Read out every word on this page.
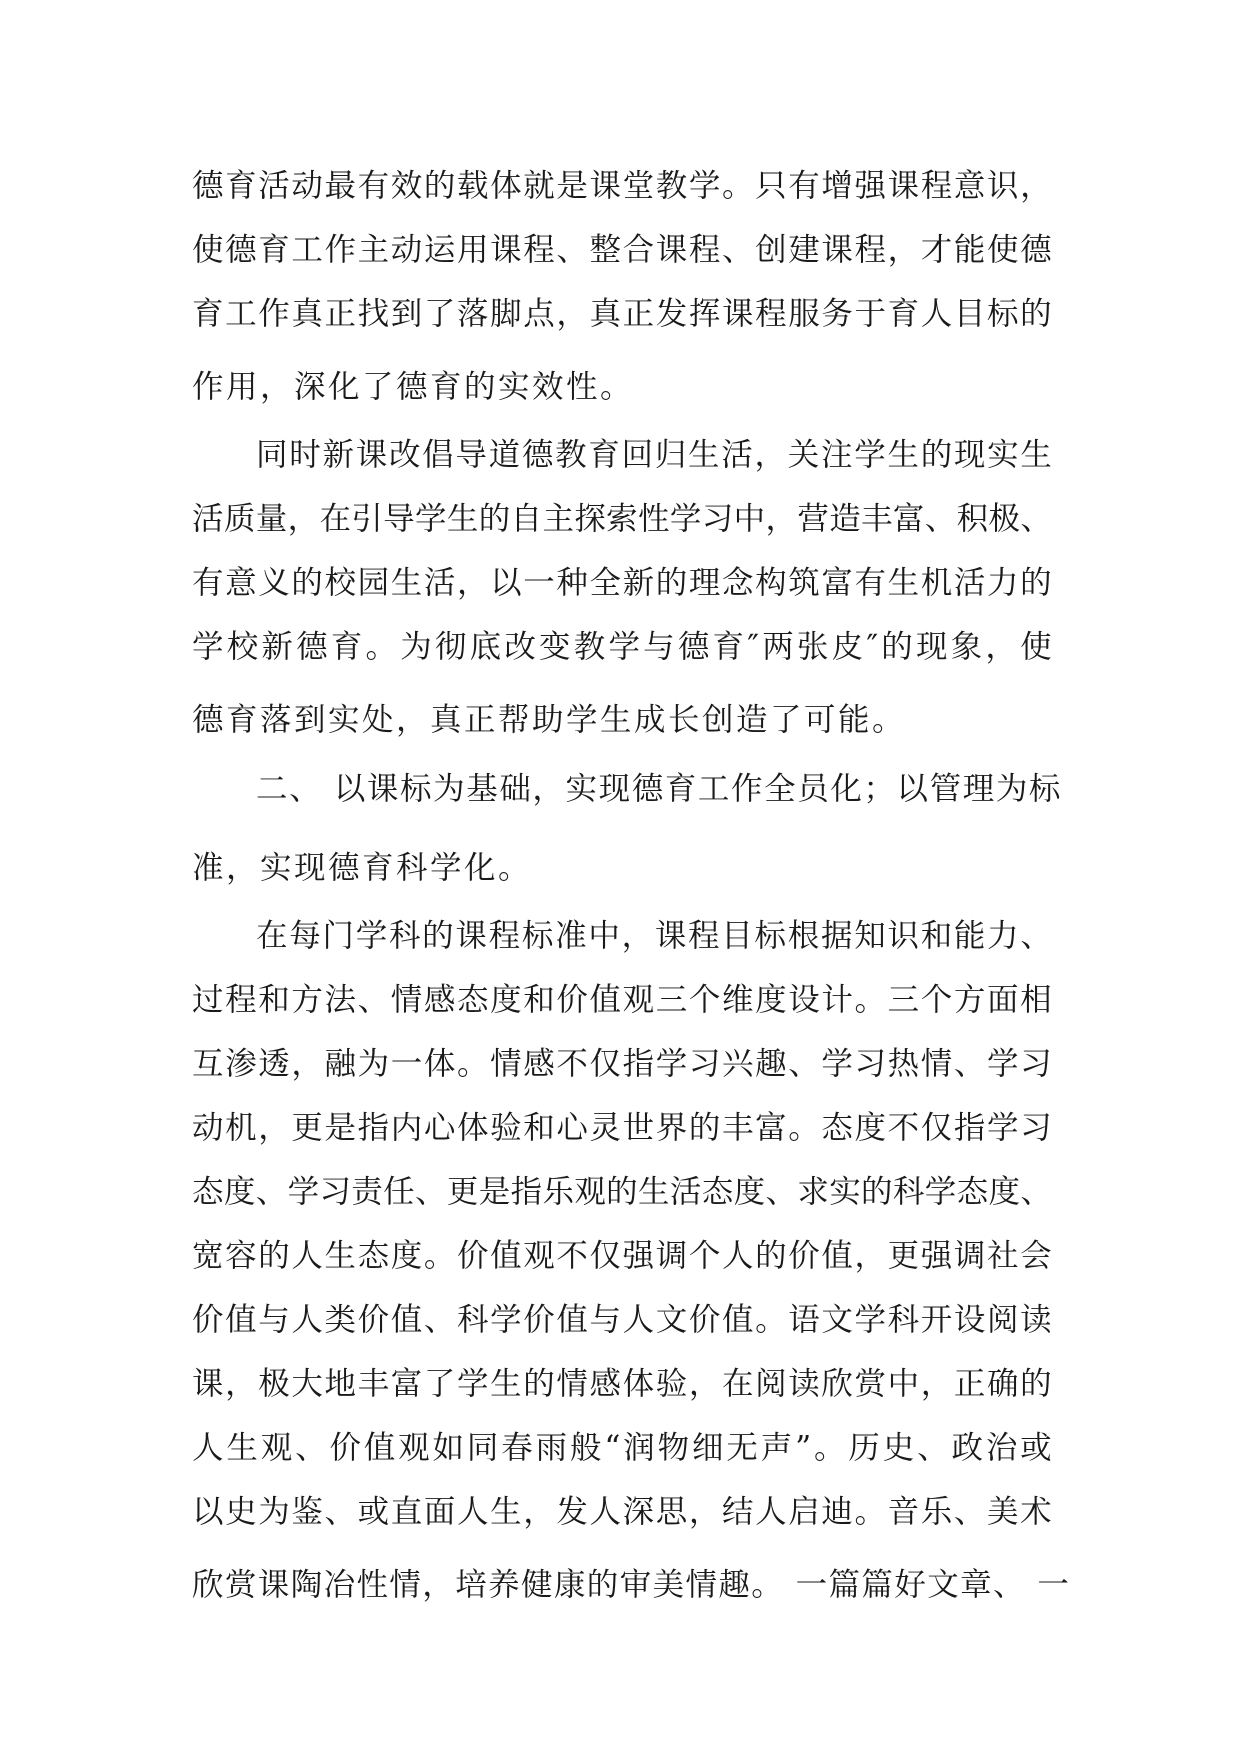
德 育 活 动 最 有 效 的 载 体 就 是 课 堂 教 学 。 只 有 增 强 课 程 意 识 ，
使 德 育 工 作 主 动 运 用 课 程 、 整 合 课 程 、 创 建 课 程 ， 才 能 使 德
育 工 作 真 正 找 到 了 落 脚 点 ， 真 正 发 挥 课 程 服 务 于 育 人 目 标 的
作用，深化了德育的实效性。
同 时 新 课 改 倡 导 道 德 教 育 回 归 生 活 ， 关 注 学 生 的 现 实 生
活 质 量 ， 在 引 导 学 生 的 自 主 探 索 性 学 习 中 ， 营 造 丰 富 、 积 极 、
有 意 义 的 校 园 生 活 ， 以 一 种 全 新 的 理 念 构 筑 富 有 生 机 活 力 的
学 校 新 德 育 。 为 彻 底 改 变 教 学 与 德 育 ″ 两 张 皮 ″ 的 现 象 ， 使
德育落到实处，真正帮助学生成长创造了可能。
二、 以课标为基础，实现德育工作全员化；以管理为标
准，实现德育科学化。
在 每 门 学 科 的 课 程 标 准 中 ， 课 程 目 标 根 据 知 识 和 能 力 、
过 程 和 方 法 、 情 感 态 度 和 价 值 观 三 个 维 度 设 计 。 三 个 方 面 相
互 渗 透 ， 融 为 一 体 。 情 感 不 仅 指 学 习 兴 趣 、 学 习 热 情 、 学 习
动 机 ， 更 是 指 内 心 体 验 和 心 灵 世 界 的 丰 富 。 态 度 不 仅 指 学 习
态 度 、 学 习 责 任 、 更 是 指 乐 观 的 生 活 态 度 、 求 实 的 科 学 态 度 、
宽 容 的 人 生 态 度 。 价 值 观 不 仅 强 调 个 人 的 价 值 ， 更 强 调 社 会
价 值 与 人 类 价 值 、 科 学 价 值 与 人 文 价 值 。 语 文 学 科 开 设 阅 读
课 ， 极 大 地 丰 富 了 学 生 的 情 感 体 验 ， 在 阅 读 欣 赏 中 ， 正 确 的
人 生 观 、 价 值 观 如 同 春 雨 般 “ 润 物 细 无 声 ” 。 历 史 、 政 治 或
以 史 为 鉴 、 或 直 面 人 生 ， 发 人 深 思 ， 结 人 启 迪 。 音 乐 、 美 术
欣赏课陶冶性情，培养健康的审美情趣。 一篇篇好文章、 一
